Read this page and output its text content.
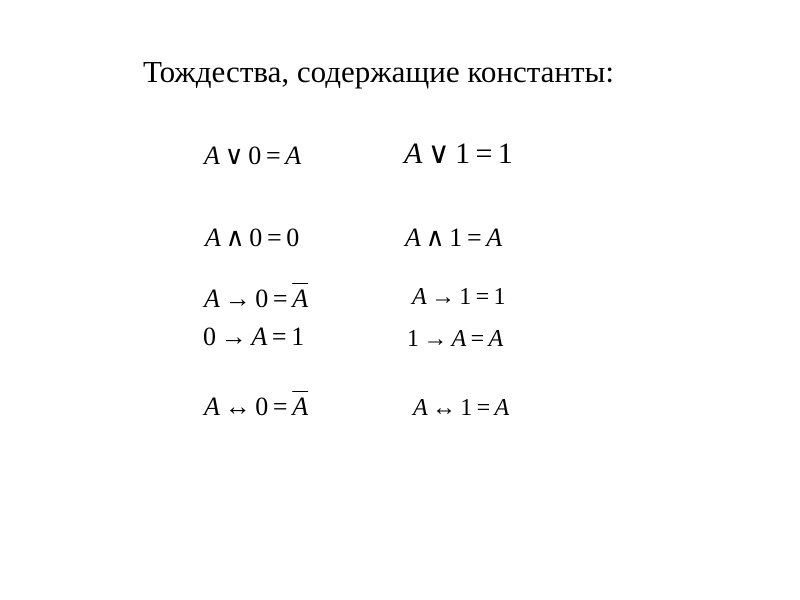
Тождества, содержащие константы:
A ∨ 0 = A	A ∨ 1 = 1
A ∧ 0 = 0	A ∧ 1 = A
$A \to 0 = \overline{A}$	A → 1 = 1
0 → A = 1	1 → A = A
A ↔ $0 = \overline{A}$	A ↔ 1 = A
